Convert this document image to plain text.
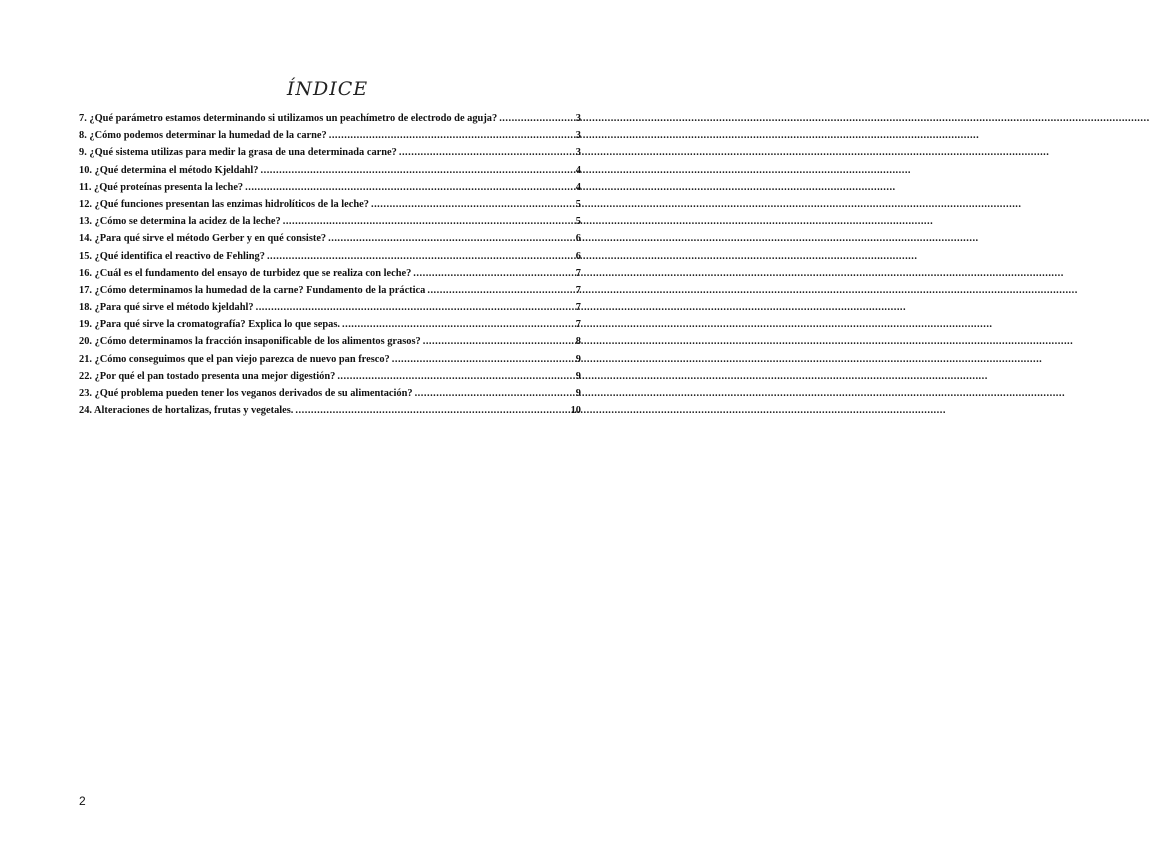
ÍNDICE
7. ¿Qué parámetro estamos determinando si utilizamos un peachímetro de electrodo de aguja? .....	3
8. ¿Cómo podemos determinar la humedad de la carne? .....	3
9. ¿Qué sistema utilizas para medir la grasa de una determinada carne? .....	3
10. ¿Qué determina el método Kjeldahl? .....	4
11. ¿Qué proteínas presenta la leche? .....	4
12. ¿Qué funciones presentan las enzimas hidrolíticos de la leche? .....	5
13. ¿Cómo se determina la acidez de la leche? .....	5
14. ¿Para qué sirve el método Gerber y en qué consiste? .....	6
15. ¿Qué identifica el reactivo de Fehling? .....	6
16. ¿Cuál es el fundamento del ensayo de turbidez que se realiza con leche? .....	7
17. ¿Cómo determinamos la humedad de la carne? Fundamento de la práctica .....	7
18. ¿Para qué sirve el método kjeldahl? .....	7
19. ¿Para qué sirve la cromatografía? Explica lo que sepas. .....	7
20. ¿Cómo determinamos la fracción insaponificable de los alimentos grasos? .....	8
21. ¿Cómo conseguimos que el pan viejo parezca de nuevo pan fresco? .....	9
22. ¿Por qué el pan tostado presenta una mejor digestión? .....	9
23. ¿Qué problema pueden tener los veganos derivados de su alimentación? .....	9
24. Alteraciones de hortalizas, frutas y vegetales. .....	10
2
